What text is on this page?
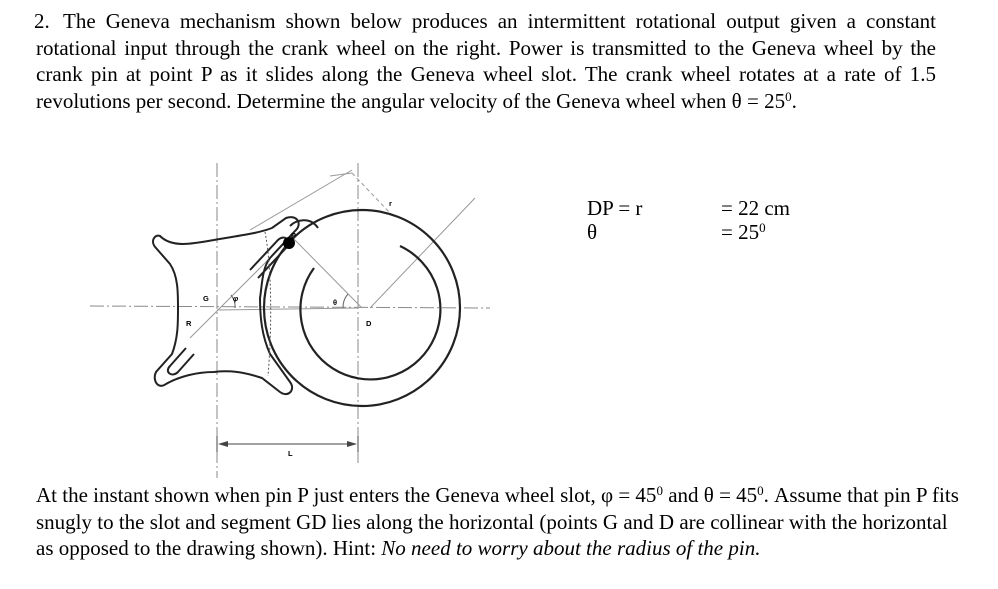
2. The Geneva mechanism shown below produces an intermittent rotational output given a constant rotational input through the crank wheel on the right. Power is transmitted to the Geneva wheel by the crank pin at point P as it slides along the Geneva wheel slot. The crank wheel rotates at a rate of 1.5 revolutions per second. Determine the angular velocity of the Geneva wheel when $\theta = 25^0$.
r
P
G	φ	θ
D
R
L
DP = r
θ
= 22 cm
= $25^0$
At the instant shown when pin P just enters the Geneva wheel slot, $\varphi = 45^0$ and $\theta = 45^0$. Assume that pin P fits snugly to the slot and segment GD lies along the horizontal (points G and D are collinear with the horizontal as opposed to the drawing shown). Hint: No need to worry about the radius of the pin.
